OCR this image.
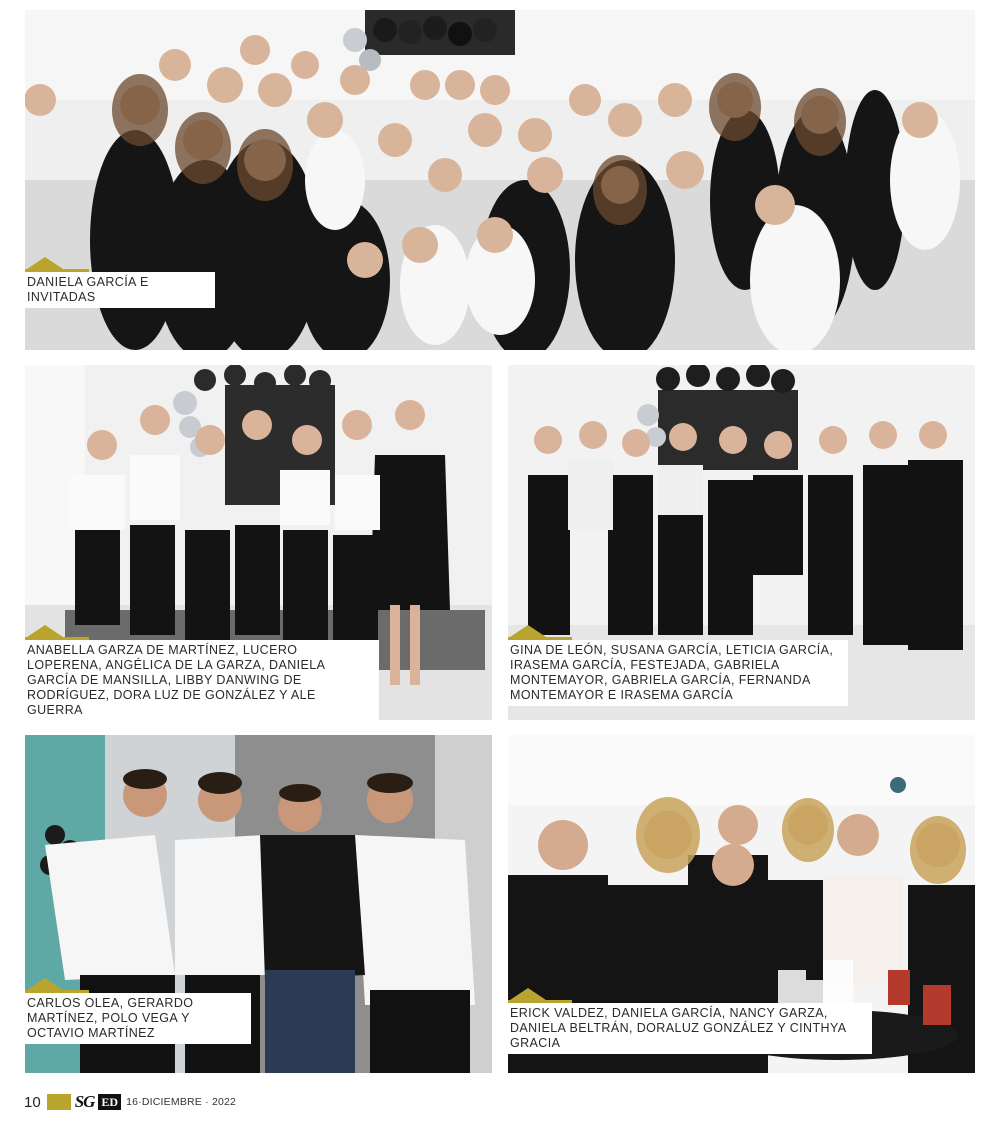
DANIELA GARCÍA E INVITADAS
ANABELLA GARZA DE MARTÍNEZ, LUCERO LOPERENA, ANGÉLICA DE LA GARZA, DANIELA GARCÍA DE MANSILLA, LIBBY DANWING DE RODRÍGUEZ, DORA LUZ DE GONZÁLEZ Y ALE GUERRA
GINA DE LEÓN, SUSANA GARCÍA, LETICIA GARCÍA, IRASEMA GARCÍA, FESTEJADA, GABRIELA MONTEMAYOR, GABRIELA GARCÍA, FERNANDA MONTEMAYOR E IRASEMA GARCÍA
CARLOS OLEA, GERARDO MARTÍNEZ, POLO VEGA Y OCTAVIO MARTÍNEZ
ERICK VALDEZ, DANIELA GARCÍA, NANCY GARZA, DANIELA BELTRÁN, DORALUZ GONZÁLEZ Y CINTHYA GRACIA
10 SG ED 16·DICIEMBRE · 2022
